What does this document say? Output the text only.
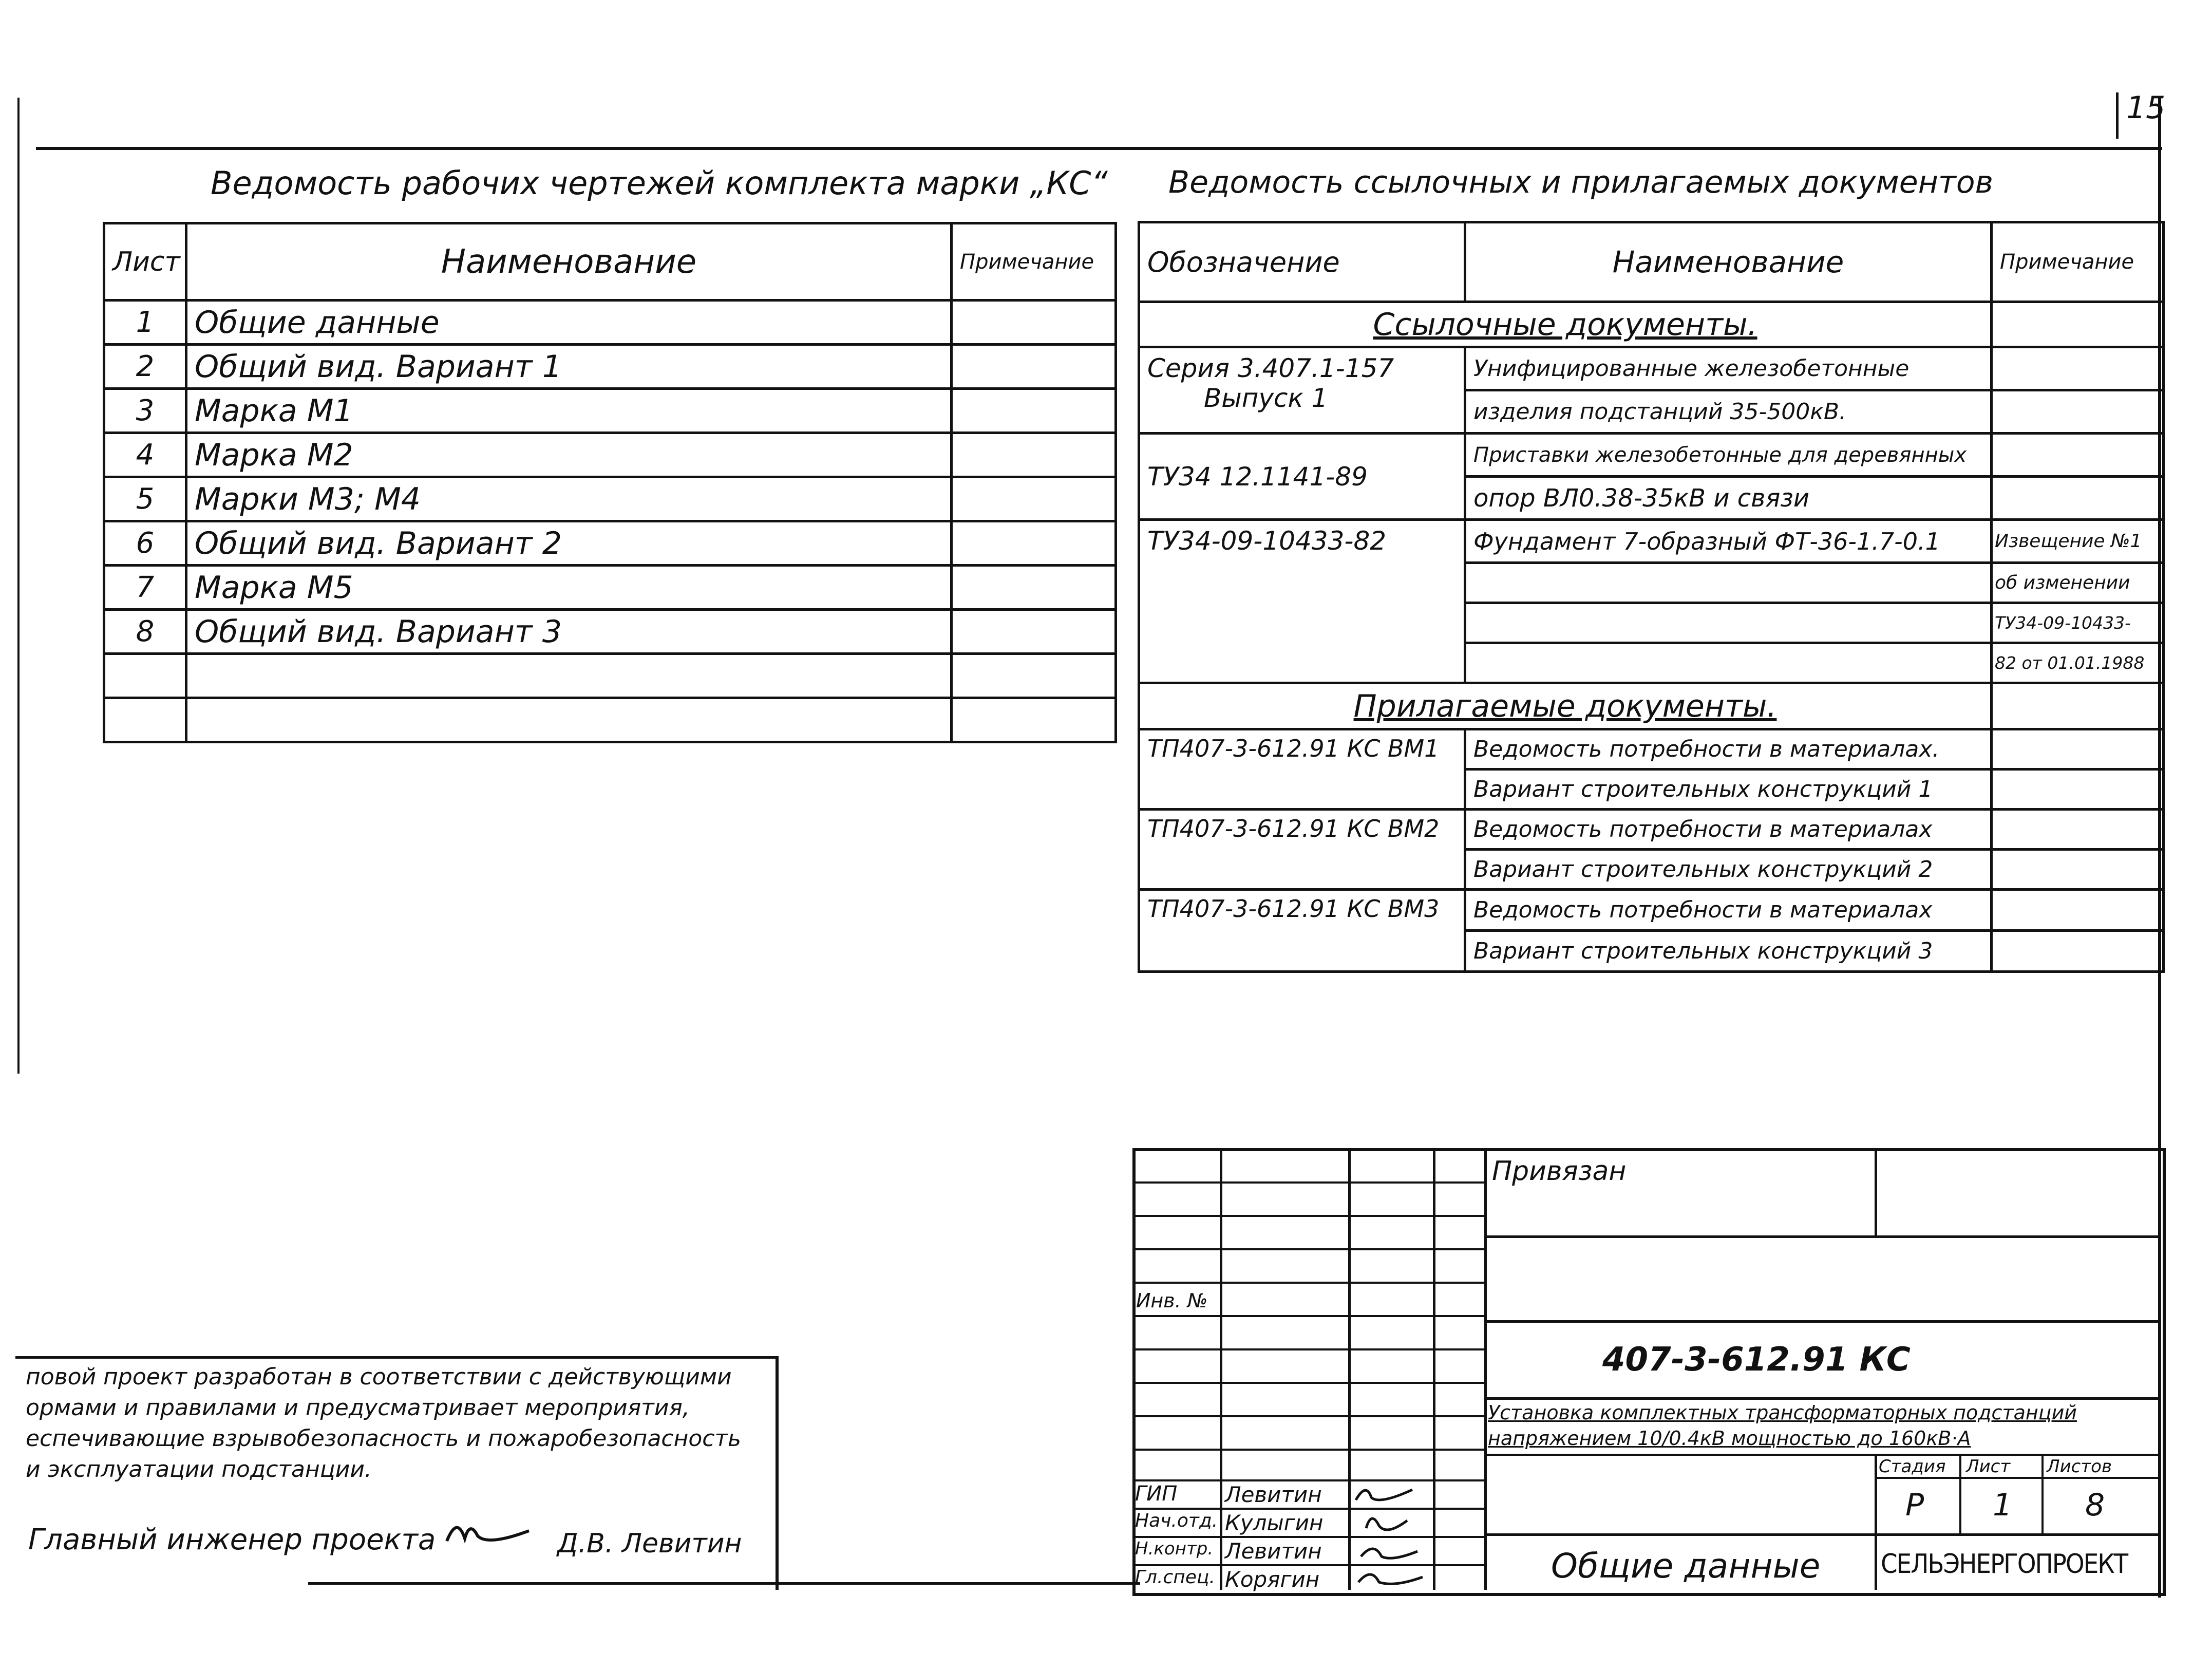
15
Ведомость рабочих чертежей комплекта марки „КС“
Лист	Наименование	Примечание
1	Общие данные	
2	Общий вид. Вариант 1	
3	Марка М1	
4	Марка М2	
5	Марки М3; М4	
6	Общий вид. Вариант 2	
7	Марка М5	
8	Общий вид. Вариант 3	

Ведомость ссылочных и прилагаемых документов
Обозначение	Наименование	Примечание
Ссылочные документы.		

Серия 3.407.1-157
Выпуск 1	Унифицированные железобетонные	
	изделия подстанций 35-500кВ.	
ТУ34 12.1141-89	Приставки железобетонные для деревянных	
	опор ВЛ0.38-35кВ и связи	
ТУ34-09-10433-82	Фундамент 7-образный ФТ-36-1.7-0.1	Извещение №1
		об изменении
		ТУ34-09-10433-
		82 от 01.01.1988
Прилагаемые документы.		
ТП407-3-612.91 КС ВМ1	Ведомость потребности в материалах.	
	Вариант строительных конструкций 1	
ТП407-3-612.91 КС ВМ2	Ведомость потребности в материалах	
	Вариант строительных конструкций 2	
ТП407-3-612.91 КС ВМ3	Ведомость потребности в материалах	
	Вариант строительных конструкций 3	
повой проект разработан в соответствии с действующими
ормами и правилами и предусматривает мероприятия,
еспечивающие взрывобезопасность и пожаробезопасность
и эксплуатации подстанции.
Главный инженер проекта	Д.В. Левитин
Инв. №
ГИП Левитин
Нач.отд. Кулыгин
Н.контр. Левитин
Гл.спец. Корягин
Привязан
407-3-612.91 КС
Установка комплектных трансформаторных подстанций
напряжением 10/0.4кВ мощностью до 160кВ·А
Стадия Лист Листов
Р 1 8
Общие данные СЕЛЬЭНЕРГОПРОЕКТ
